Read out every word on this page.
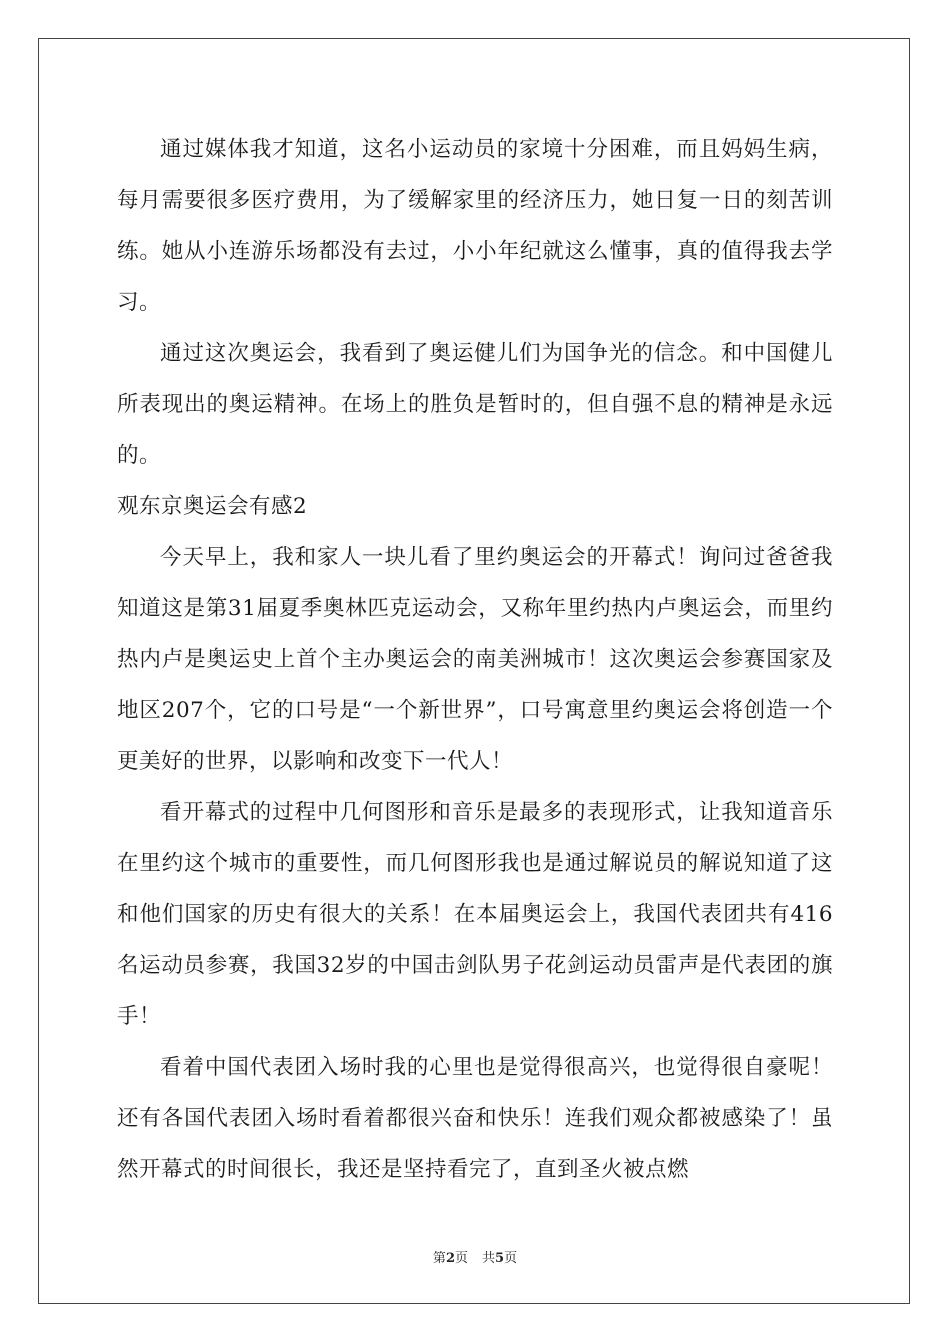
通过媒体我才知道，这名小运动员的家境十分困难，而且妈妈生病，每月需要很多医疗费用，为了缓解家里的经济压力，她日复一日的刻苦训练。她从小连游乐场都没有去过，小小年纪就这么懂事，真的值得我去学习。

通过这次奥运会，我看到了奥运健儿们为国争光的信念。和中国健儿所表现出的奥运精神。在场上的胜负是暂时的，但自强不息的精神是永远的。

观东京奥运会有感2

今天早上，我和家人一块儿看了里约奥运会的开幕式！询问过爸爸我知道这是第31届夏季奥林匹克运动会，又称年里约热内卢奥运会，而里约热内卢是奥运史上首个主办奥运会的南美洲城市！这次奥运会参赛国家及地区207个，它的口号是“一个新世界”，口号寓意里约奥运会将创造一个更美好的世界，以影响和改变下一代人！

看开幕式的过程中几何图形和音乐是最多的表现形式，让我知道音乐在里约这个城市的重要性，而几何图形我也是通过解说员的解说知道了这和他们国家的历史有很大的关系！在本届奥运会上，我国代表团共有416名运动员参赛，我国32岁的中国击剑队男子花剑运动员雷声是代表团的旗手！

看着中国代表团入场时我的心里也是觉得很高兴，也觉得很自豪呢！还有各国代表团入场时看着都很兴奋和快乐！连我们观众都被感染了！虽然开幕式的时间很长，我还是坚持看完了，直到圣火被点燃

第2页 共5页
